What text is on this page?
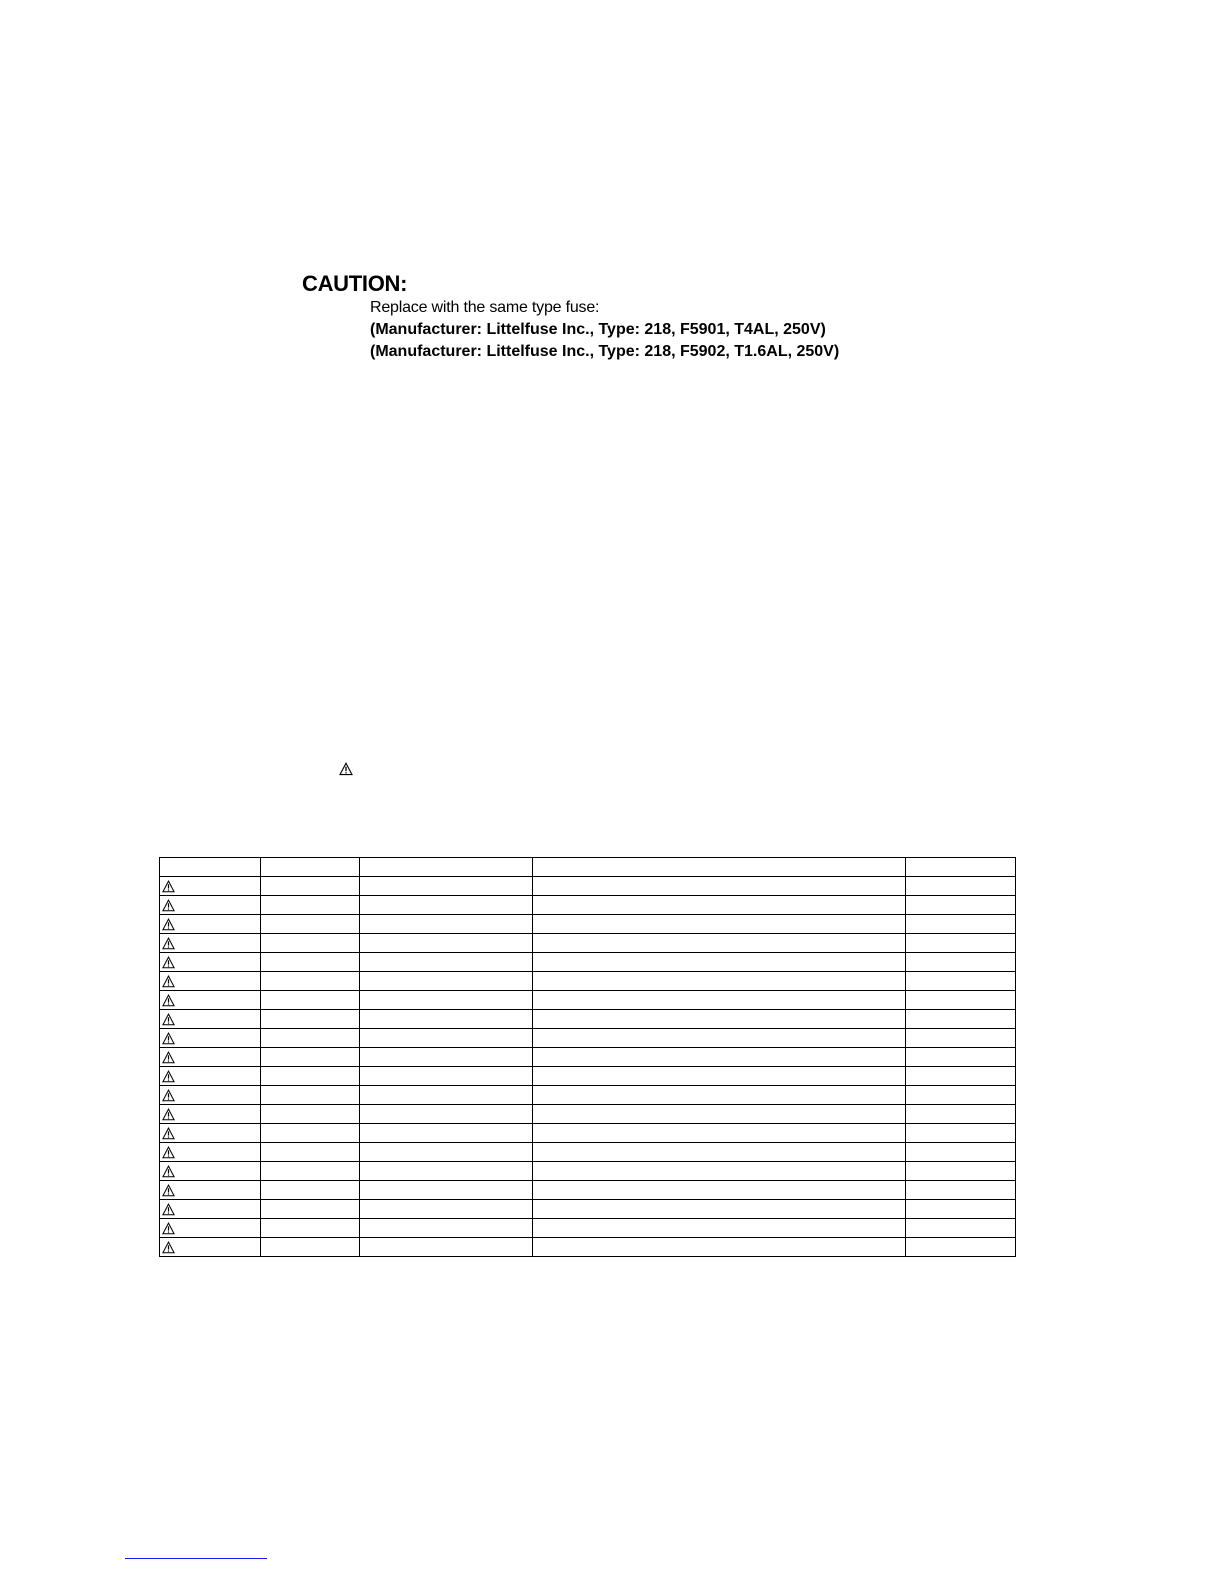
CAUTION:
Replace with the same type fuse:
(Manufacturer: Littelfuse Inc., Type: 218, F5901, T4AL, 250V)
(Manufacturer: Littelfuse Inc., Type: 218, F5902, T1.6AL, 250V)
